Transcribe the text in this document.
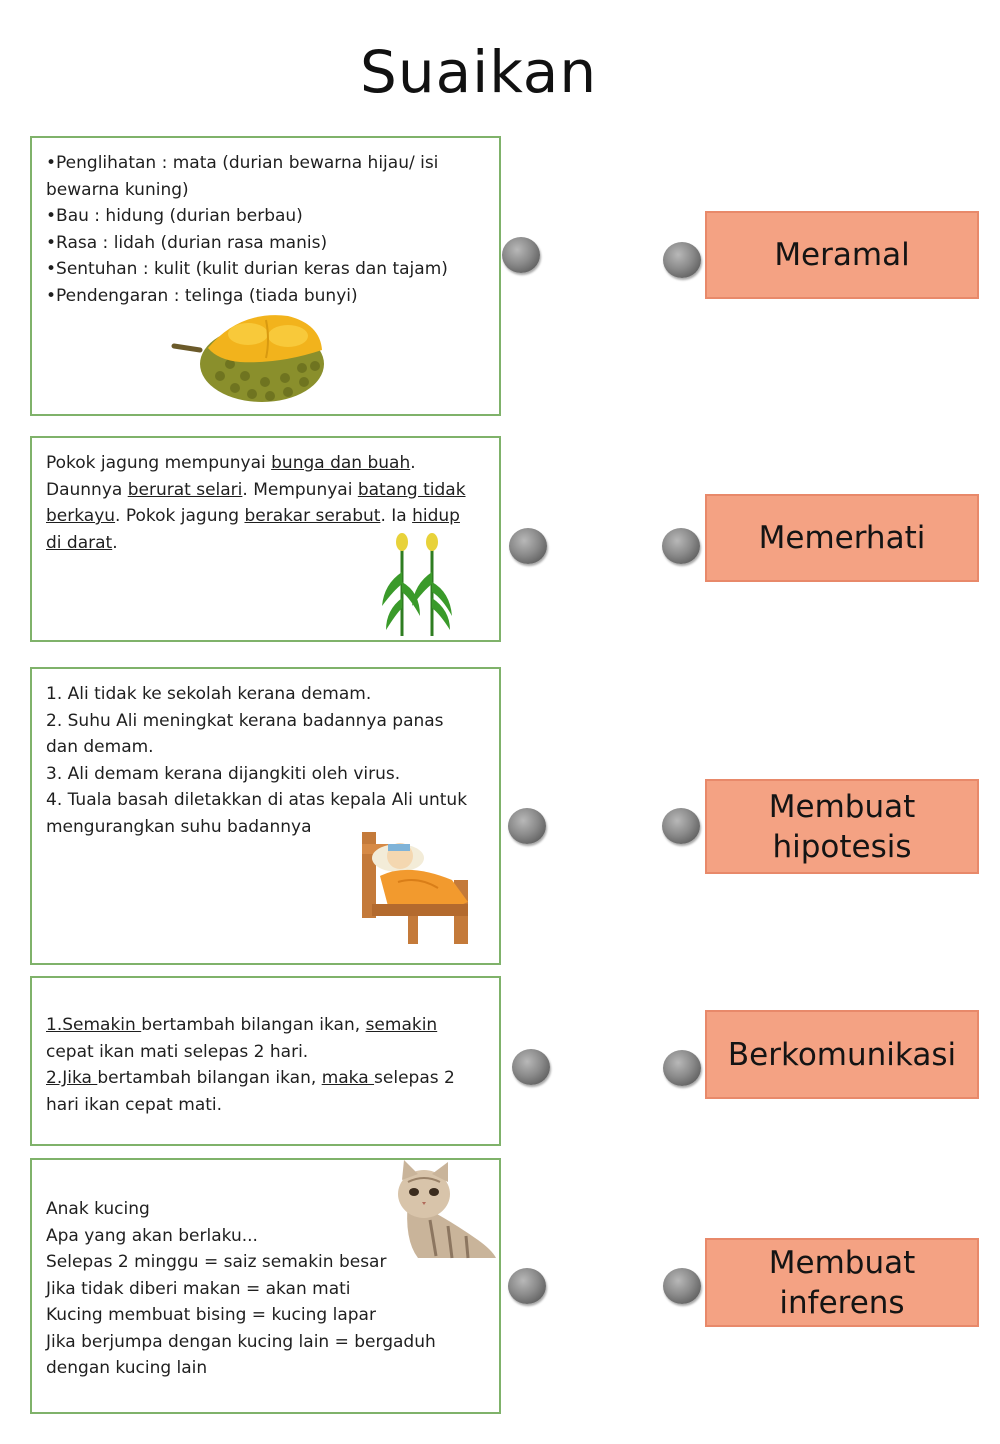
Suaikan

•Penglihatan : mata (durian bewarna hijau/ isi

bewarna kuning)

•Bau : hidung (durian berbau)

•Rasa : lidah (durian rasa manis)

•Sentuhan : kulit (kulit durian keras dan tajam)

•Pendengaran : telinga (tiada bunyi)

Pokok jagung mempunyai bunga dan buah.

Daunnya berurat selari. Mempunyai batang tidak

berkayu. Pokok jagung berakar serabut. Ia hidup

di darat.

1. Ali tidak ke sekolah kerana demam.

2. Suhu Ali meningkat kerana badannya panas

dan demam.

3. Ali demam kerana dijangkiti oleh virus.

4. Tuala basah diletakkan di atas kepala Ali untuk

mengurangkan suhu badannya

1.Semakin bertambah bilangan ikan, semakin

cepat ikan mati selepas 2 hari.

2.Jika bertambah bilangan ikan, maka selepas 2

hari ikan cepat mati.

Anak kucing

Apa yang akan berlaku...

Selepas 2 minggu = saiz semakin besar

Jika tidak diberi makan = akan mati

Kucing membuat bising = kucing lapar

Jika berjumpa dengan kucing lain = bergaduh

dengan kucing lain

Meramal
Memerhati
Membuat
hipotesis
Berkomunikasi
Membuat
inferens
